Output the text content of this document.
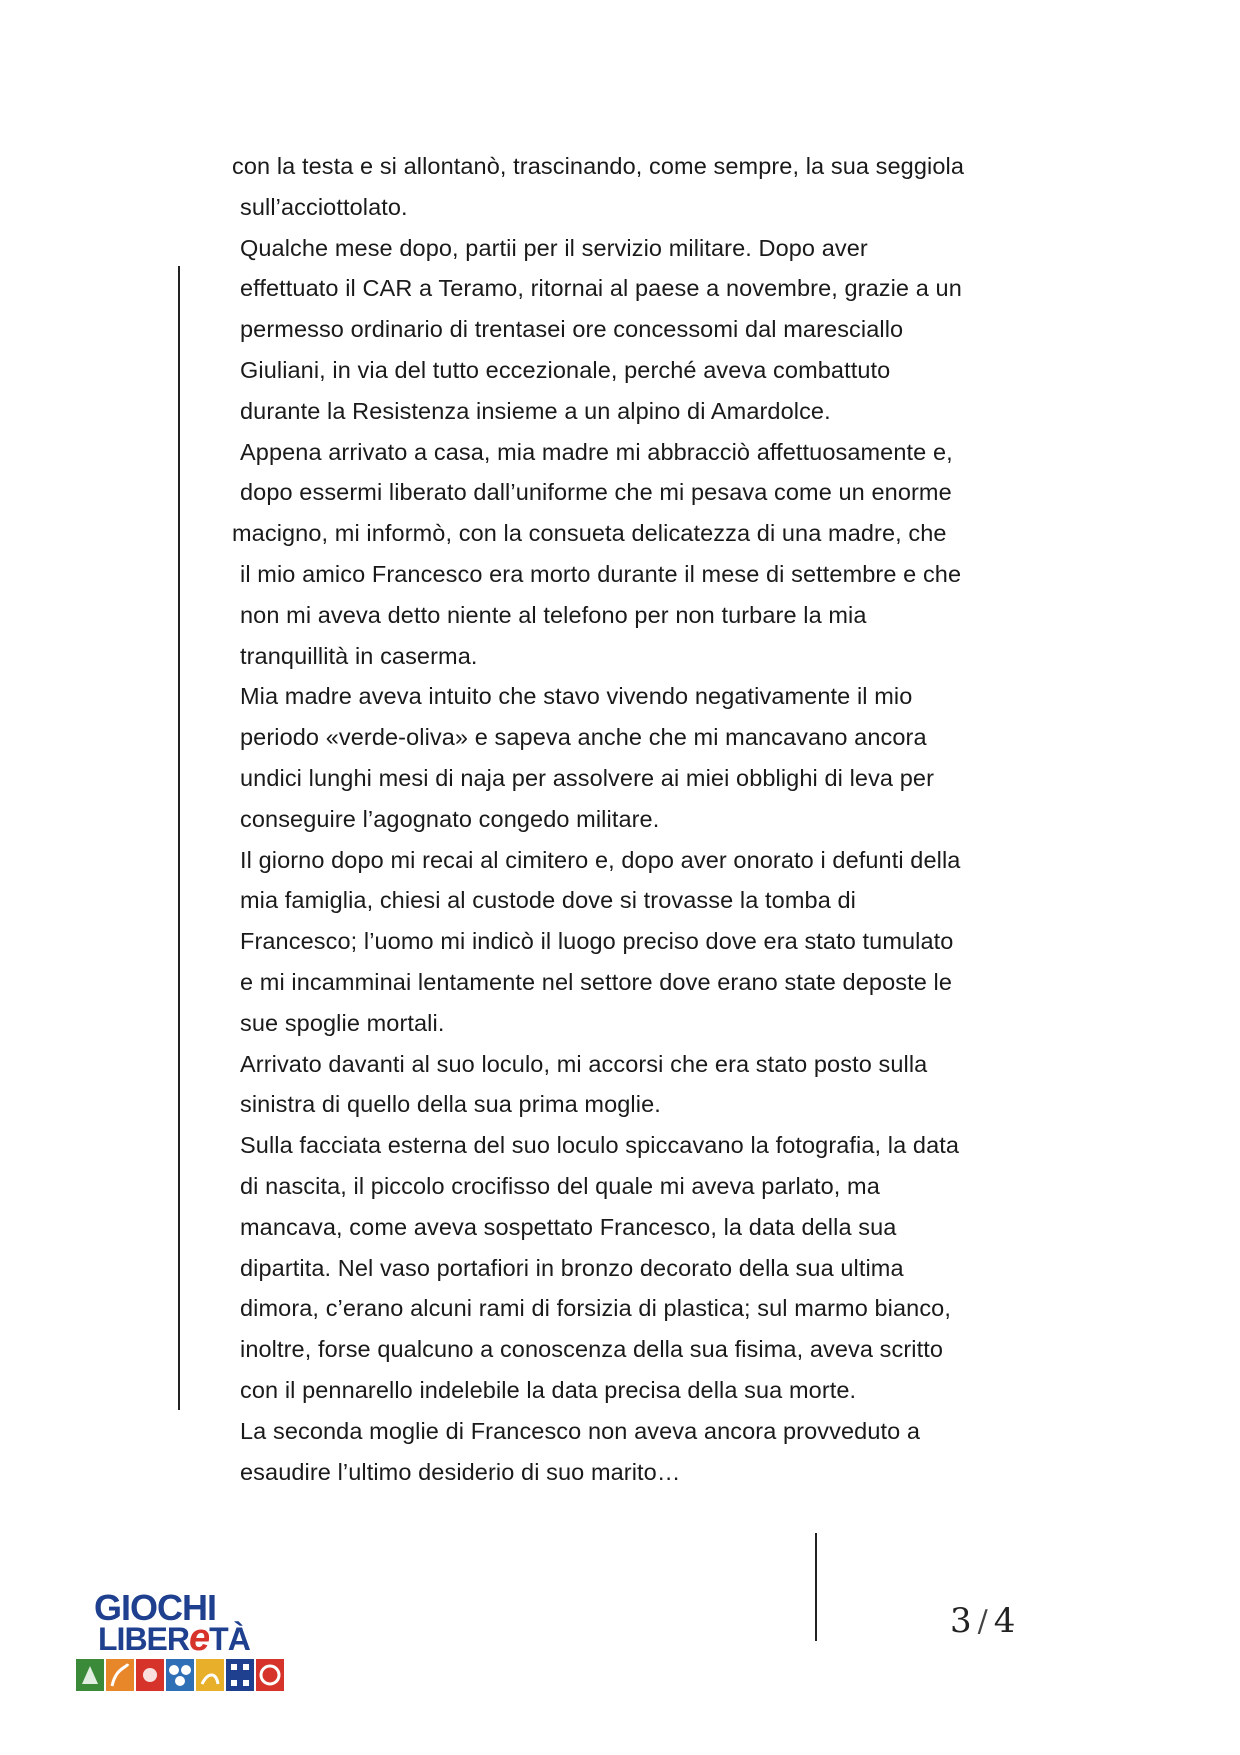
con la testa e si allontanò, trascinando, come sempre, la sua seggiola
sull’acciottolato.
Qualche mese dopo, partii per il servizio militare. Dopo aver
effettuato il CAR a Teramo, ritornai al paese a novembre, grazie a un
permesso ordinario di trentasei ore concessomi dal maresciallo
Giuliani, in via del tutto eccezionale, perché aveva combattuto
durante la Resistenza insieme a un alpino di Amardolce.
Appena arrivato a casa, mia madre mi abbracciò affettuosamente e,
dopo essermi liberato dall’uniforme che mi pesava come un enorme
macigno, mi informò, con la consueta delicatezza di una madre, che
il mio amico Francesco era morto durante il mese di settembre e che
non mi aveva detto niente al telefono per non turbare la mia
tranquillità in caserma.
Mia madre aveva intuito che stavo vivendo negativamente il mio
periodo «verde-oliva» e sapeva anche che mi mancavano ancora
undici lunghi mesi di naja per assolvere ai miei obblighi di leva per
conseguire l’agognato congedo militare.
Il giorno dopo mi recai al cimitero e, dopo aver onorato i defunti della
mia famiglia, chiesi al custode dove si trovasse la tomba di
Francesco; l’uomo mi indicò il luogo preciso dove era stato tumulato
e mi incamminai lentamente nel settore dove erano state deposte le
sue spoglie mortali.
Arrivato davanti al suo loculo, mi accorsi che era stato posto sulla
sinistra di quello della sua prima moglie.
Sulla facciata esterna del suo loculo spiccavano la fotografia, la data
di nascita, il piccolo crocifisso del quale mi aveva parlato, ma
mancava, come aveva sospettato Francesco, la data della sua
dipartita. Nel vaso portafiori in bronzo decorato della sua ultima
dimora, c’erano alcuni rami di forsizia di plastica; sul marmo bianco,
inoltre, forse qualcuno a conoscenza della sua fisima, aveva scritto
con il pennarello indelebile la data precisa della sua morte.
La seconda moglie di Francesco non aveva ancora provveduto a
esaudire l’ultimo desiderio di suo marito…
GIOCHI
LIBEReTÀ	3 / 4
